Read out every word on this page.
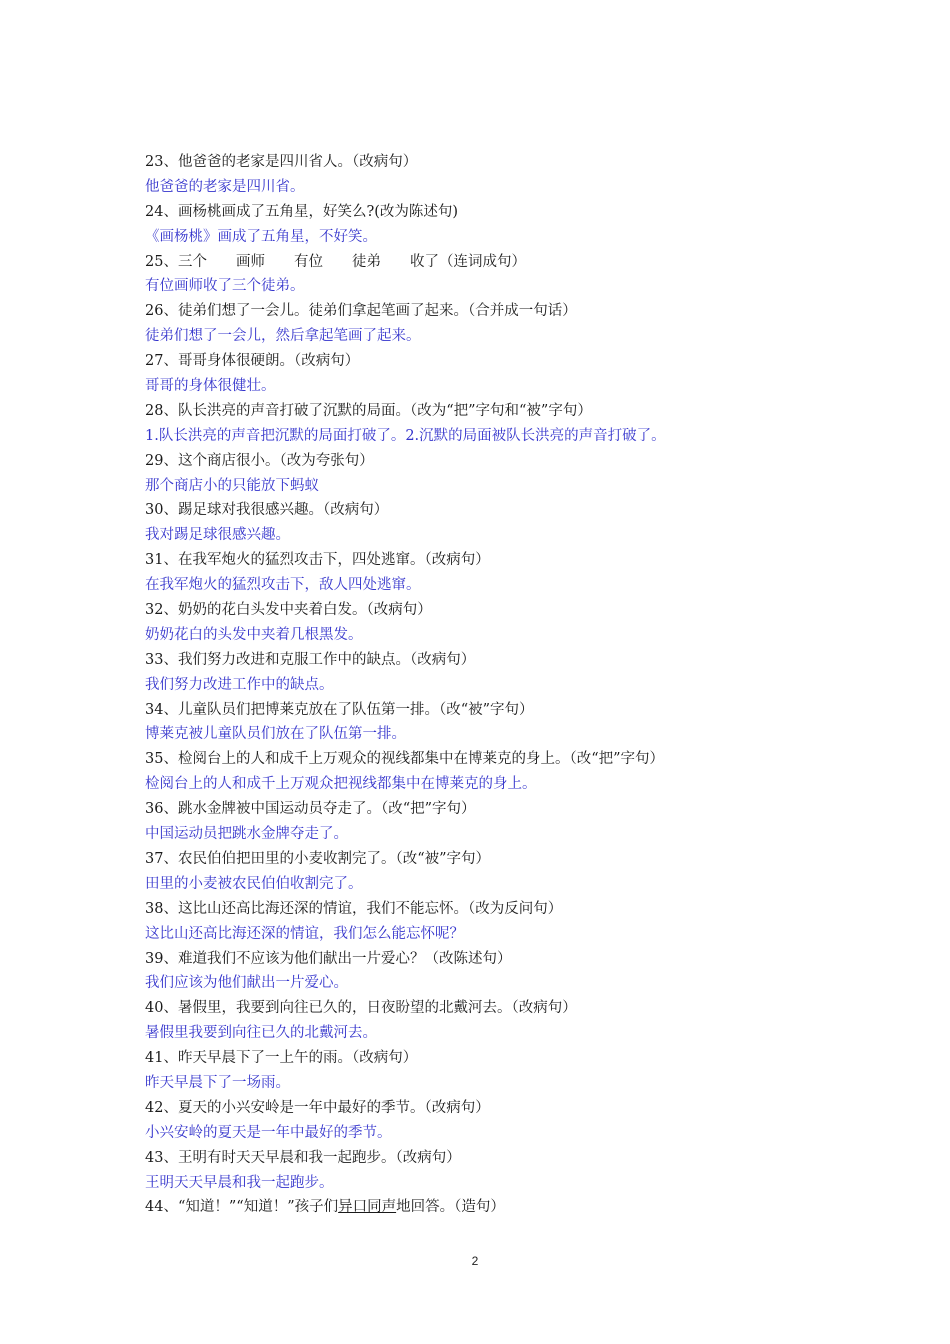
23、他爸爸的老家是四川省人。（改病句）
他爸爸的老家是四川省。
24、画杨桃画成了五角星，好笑么?(改为陈述句)
《画杨桃》画成了五角星，不好笑。
25、三个　　画师　　有位　　徒弟　　收了（连词成句）
有位画师收了三个徒弟。
26、徒弟们想了一会儿。徒弟们拿起笔画了起来。（合并成一句话）
徒弟们想了一会儿，然后拿起笔画了起来。
27、哥哥身体很硬朗。（改病句）
哥哥的身体很健壮。
28、队长洪亮的声音打破了沉默的局面。（改为“把”字句和“被”字句）
1.队长洪亮的声音把沉默的局面打破了。2.沉默的局面被队长洪亮的声音打破了。
29、这个商店很小。（改为夸张句）
那个商店小的只能放下蚂蚁
30、踢足球对我很感兴趣。（改病句）
我对踢足球很感兴趣。
31、在我军炮火的猛烈攻击下，四处逃窜。（改病句）
在我军炮火的猛烈攻击下，敌人四处逃窜。
32、奶奶的花白头发中夹着白发。（改病句）
奶奶花白的头发中夹着几根黑发。
33、我们努力改进和克服工作中的缺点。（改病句）
我们努力改进工作中的缺点。
34、儿童队员们把博莱克放在了队伍第一排。（改“被”字句）
博莱克被儿童队员们放在了队伍第一排。
35、检阅台上的人和成千上万观众的视线都集中在博莱克的身上。（改“把”字句）
检阅台上的人和成千上万观众把视线都集中在博莱克的身上。
36、跳水金牌被中国运动员夺走了。（改“把”字句）
中国运动员把跳水金牌夺走了。
37、农民伯伯把田里的小麦收割完了。（改“被”字句）
田里的小麦被农民伯伯收割完了。
38、这比山还高比海还深的情谊，我们不能忘怀。（改为反问句）
这比山还高比海还深的情谊，我们怎么能忘怀呢？
39、难道我们不应该为他们献出一片爱心？（改陈述句）
我们应该为他们献出一片爱心。
40、暑假里，我要到向往已久的，日夜盼望的北戴河去。（改病句）
暑假里我要到向往已久的北戴河去。
41、昨天早晨下了一上午的雨。（改病句）
昨天早晨下了一场雨。
42、夏天的小兴安岭是一年中最好的季节。（改病句）
小兴安岭的夏天是一年中最好的季节。
43、王明有时天天早晨和我一起跑步。（改病句）
王明天天早晨和我一起跑步。
44、“知道！”“知道！”孩子们异口同声地回答。（造句）
2
